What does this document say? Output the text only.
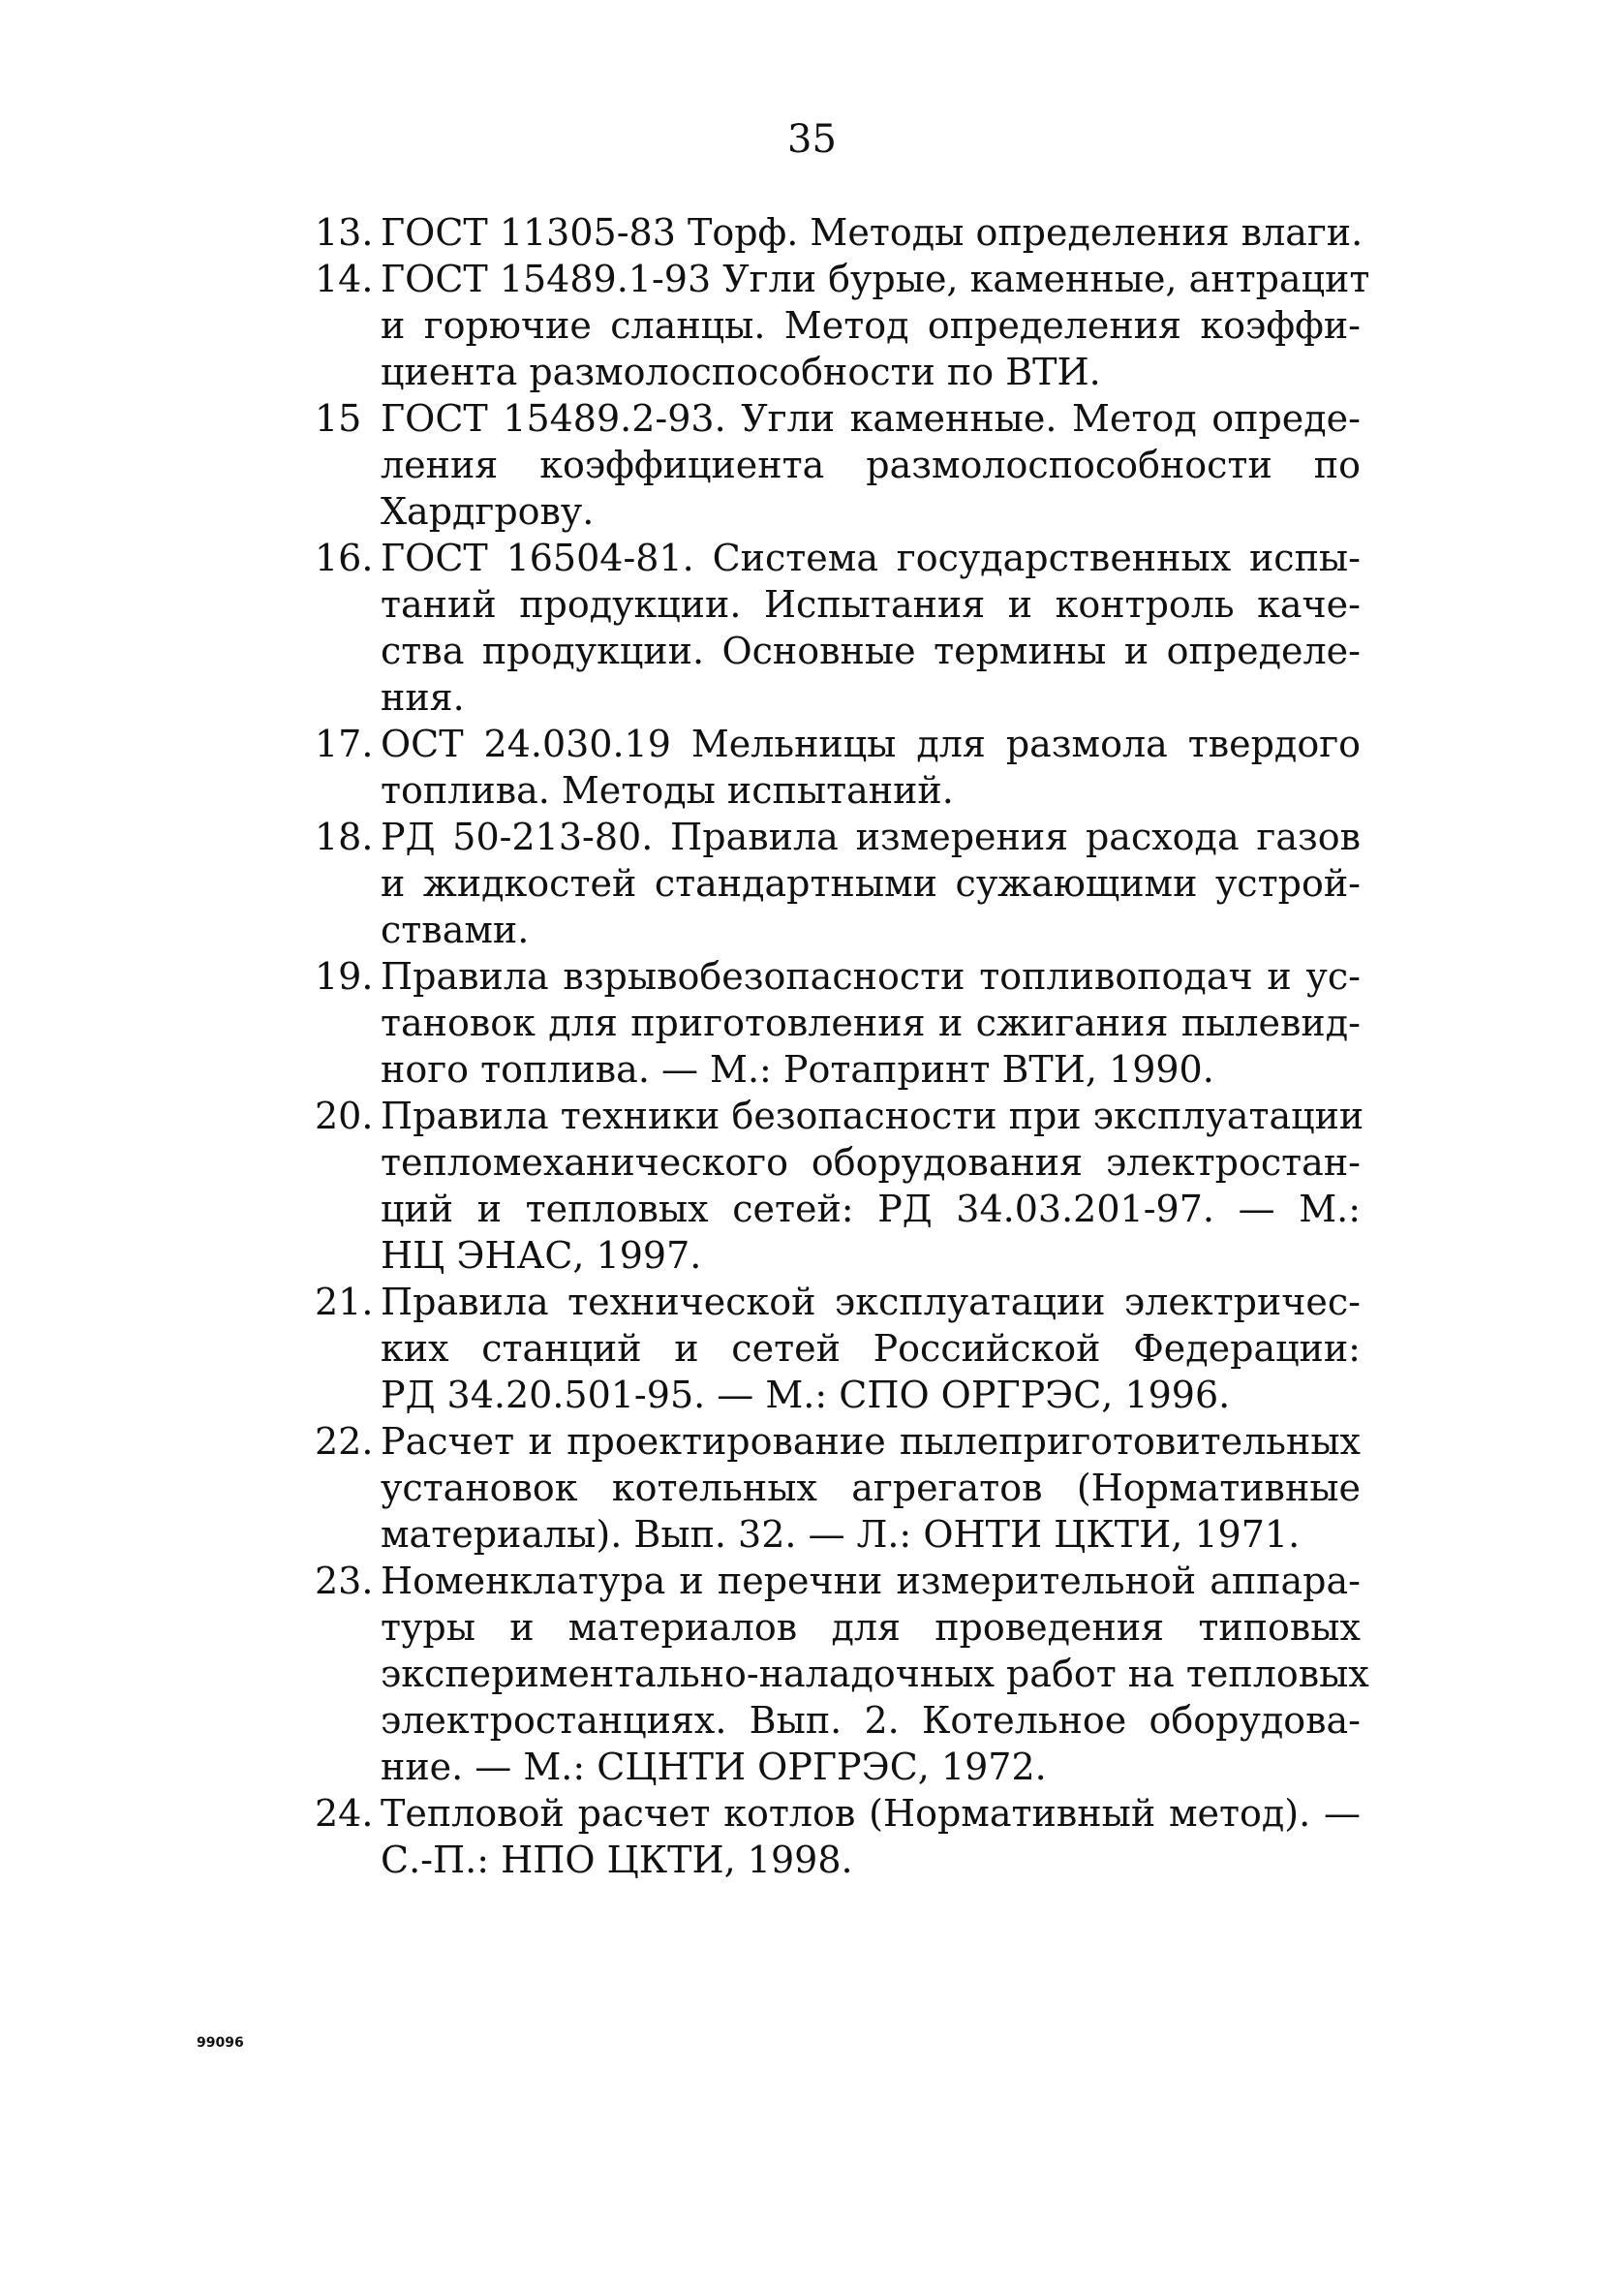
35
13. ГОСТ 11305-83 Торф. Методы определения влаги.
14. ГОСТ 15489.1-93 Угли бурые, каменные, антрацит
и горючие сланцы. Метод определения коэффи-
циента размолоспособности по ВТИ.
15 ГОСТ 15489.2-93. Угли каменные. Метод опреде-
ления коэффициента размолоспособности по
Хардгрову.
16. ГОСТ 16504-81. Система государственных испы-
таний продукции. Испытания и контроль каче-
ства продукции. Основные термины и определе-
ния.
17. ОСТ 24.030.19 Мельницы для размола твердого
топлива. Методы испытаний.
18. РД 50-213-80. Правила измерения расхода газов
и жидкостей стандартными сужающими устрой-
ствами.
19. Правила взрывобезопасности топливоподач и ус-
тановок для приготовления и сжигания пылевид-
ного топлива. — М.: Ротапринт ВТИ, 1990.
20. Правила техники безопасности при эксплуатации
тепломеханического оборудования электростан-
ций и тепловых сетей: РД 34.03.201-97. — М.:
НЦ ЭНАС, 1997.
21. Правила технической эксплуатации электричес-
ких станций и сетей Российской Федерации:
РД 34.20.501-95. — М.: СПО ОРГРЭС, 1996.
22. Расчет и проектирование пылеприготовительных
установок котельных агрегатов (Нормативные
материалы). Вып. 32. — Л.: ОНТИ ЦКТИ, 1971.
23. Номенклатура и перечни измерительной аппара-
туры и материалов для проведения типовых
экспериментально-наладочных работ на тепловых
электростанциях. Вып. 2. Котельное оборудова-
ние. — М.: СЦНТИ ОРГРЭС, 1972.
24. Тепловой расчет котлов (Нормативный метод). —
С.-П.: НПО ЦКТИ, 1998.
99096
